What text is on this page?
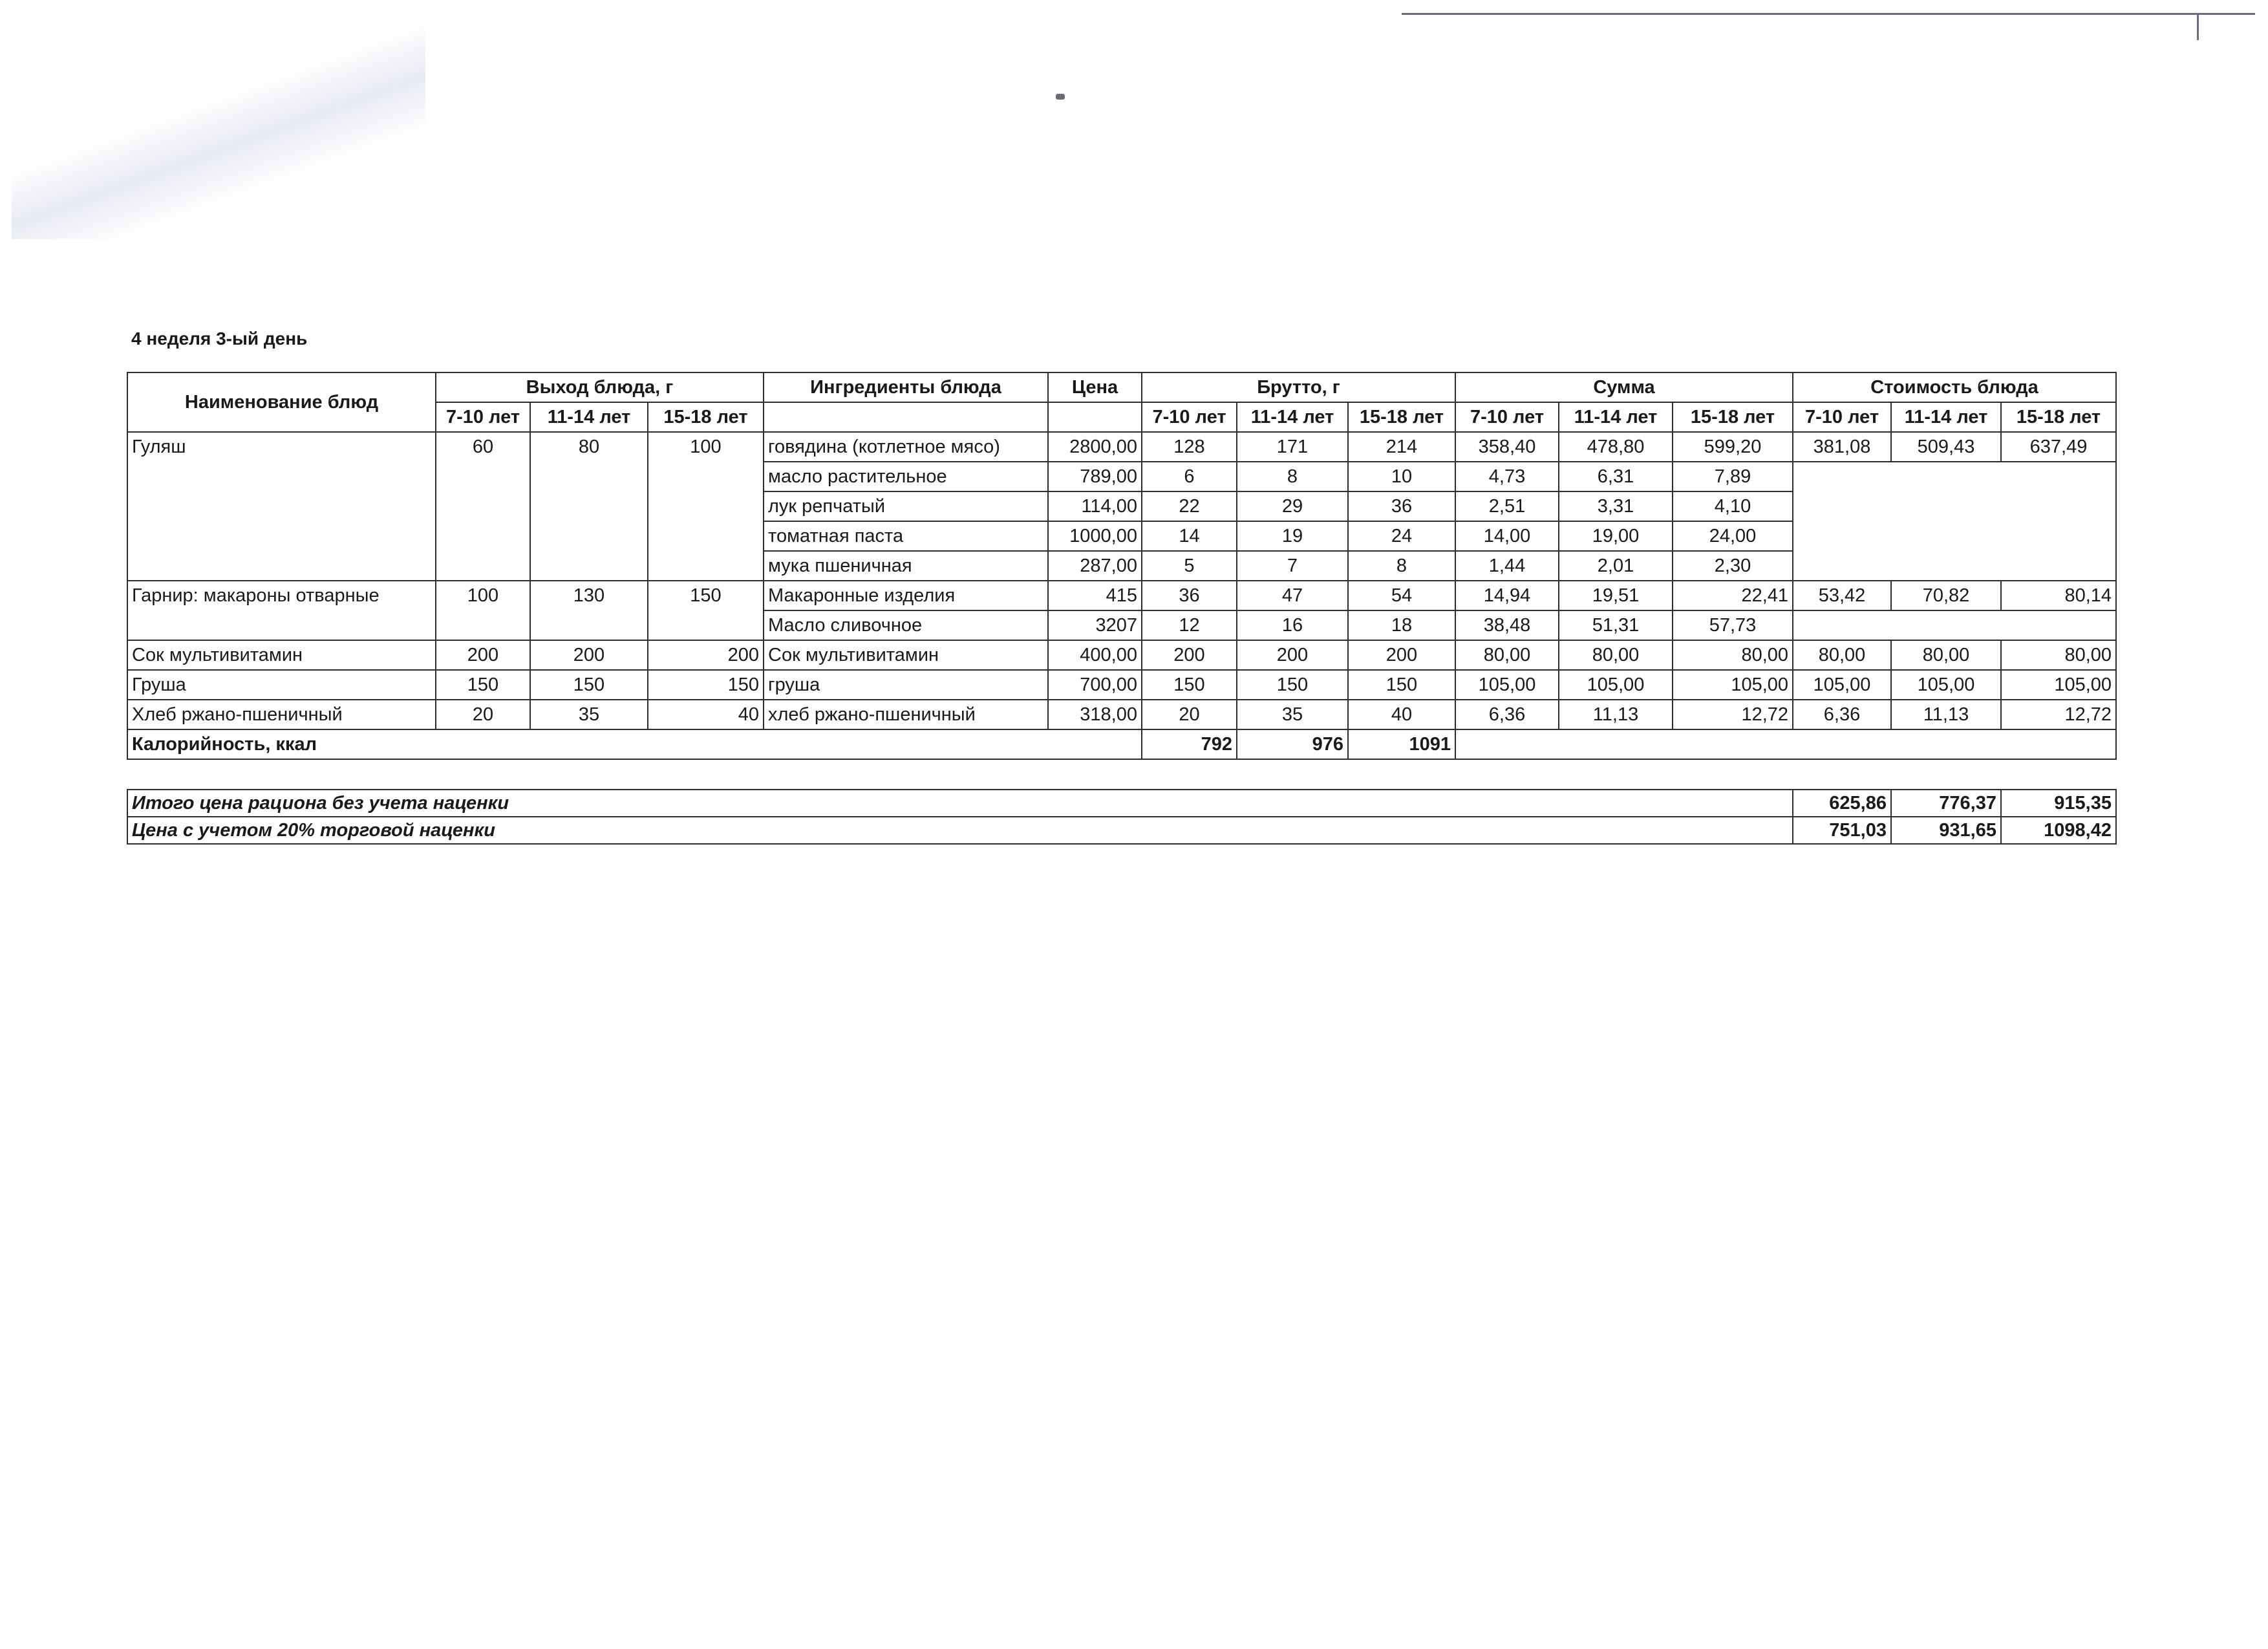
4 неделя 3-ый день
Наименование блюд	Выход блюда, г			Ингредиенты блюда	Цена	Брутто, г			Сумма			Стоимость блюда		
	7-10 лет	11-14 лет	15-18 лет			7-10 лет	11-14 лет	15-18 лет	7-10 лет	11-14 лет	15-18 лет	7-10 лет	11-14 лет	15-18 лет
Гуляш	60	80	100	говядина (котлетное мясо)	2800,00	128	171	214	358,40	478,80	599,20	381,08	509,43	637,49
				масло растительное	789,00	6	8	10	4,73	6,31	7,89			
				лук репчатый	114,00	22	29	36	2,51	3,31	4,10			
				томатная паста	1000,00	14	19	24	14,00	19,00	24,00			
				мука пшеничная	287,00	5	7	8	1,44	2,01	2,30			
Гарнир: макароны отварные	100	130	150	Макаронные изделия	415	36	47	54	14,94	19,51	22,41	53,42	70,82	80,14
				Масло сливочное	3207	12	16	18	38,48	51,31	57,73			
Сок мультивитамин	200	200	200	Сок мультивитамин	400,00	200	200	200	80,00	80,00	80,00	80,00	80,00	80,00
Груша	150	150	150	груша	700,00	150	150	150	105,00	105,00	105,00	105,00	105,00	105,00
Хлеб ржано-пшеничный	20	35	40	хлеб ржано-пшеничный	318,00	20	35	40	6,36	11,13	12,72	6,36	11,13	12,72
Калорийность, ккал						792	976	1091						
Итого цена рациона без учета наценки	625,86	776,37	915,35
Цена с учетом 20% торговой наценки	751,03	931,65	1098,42
